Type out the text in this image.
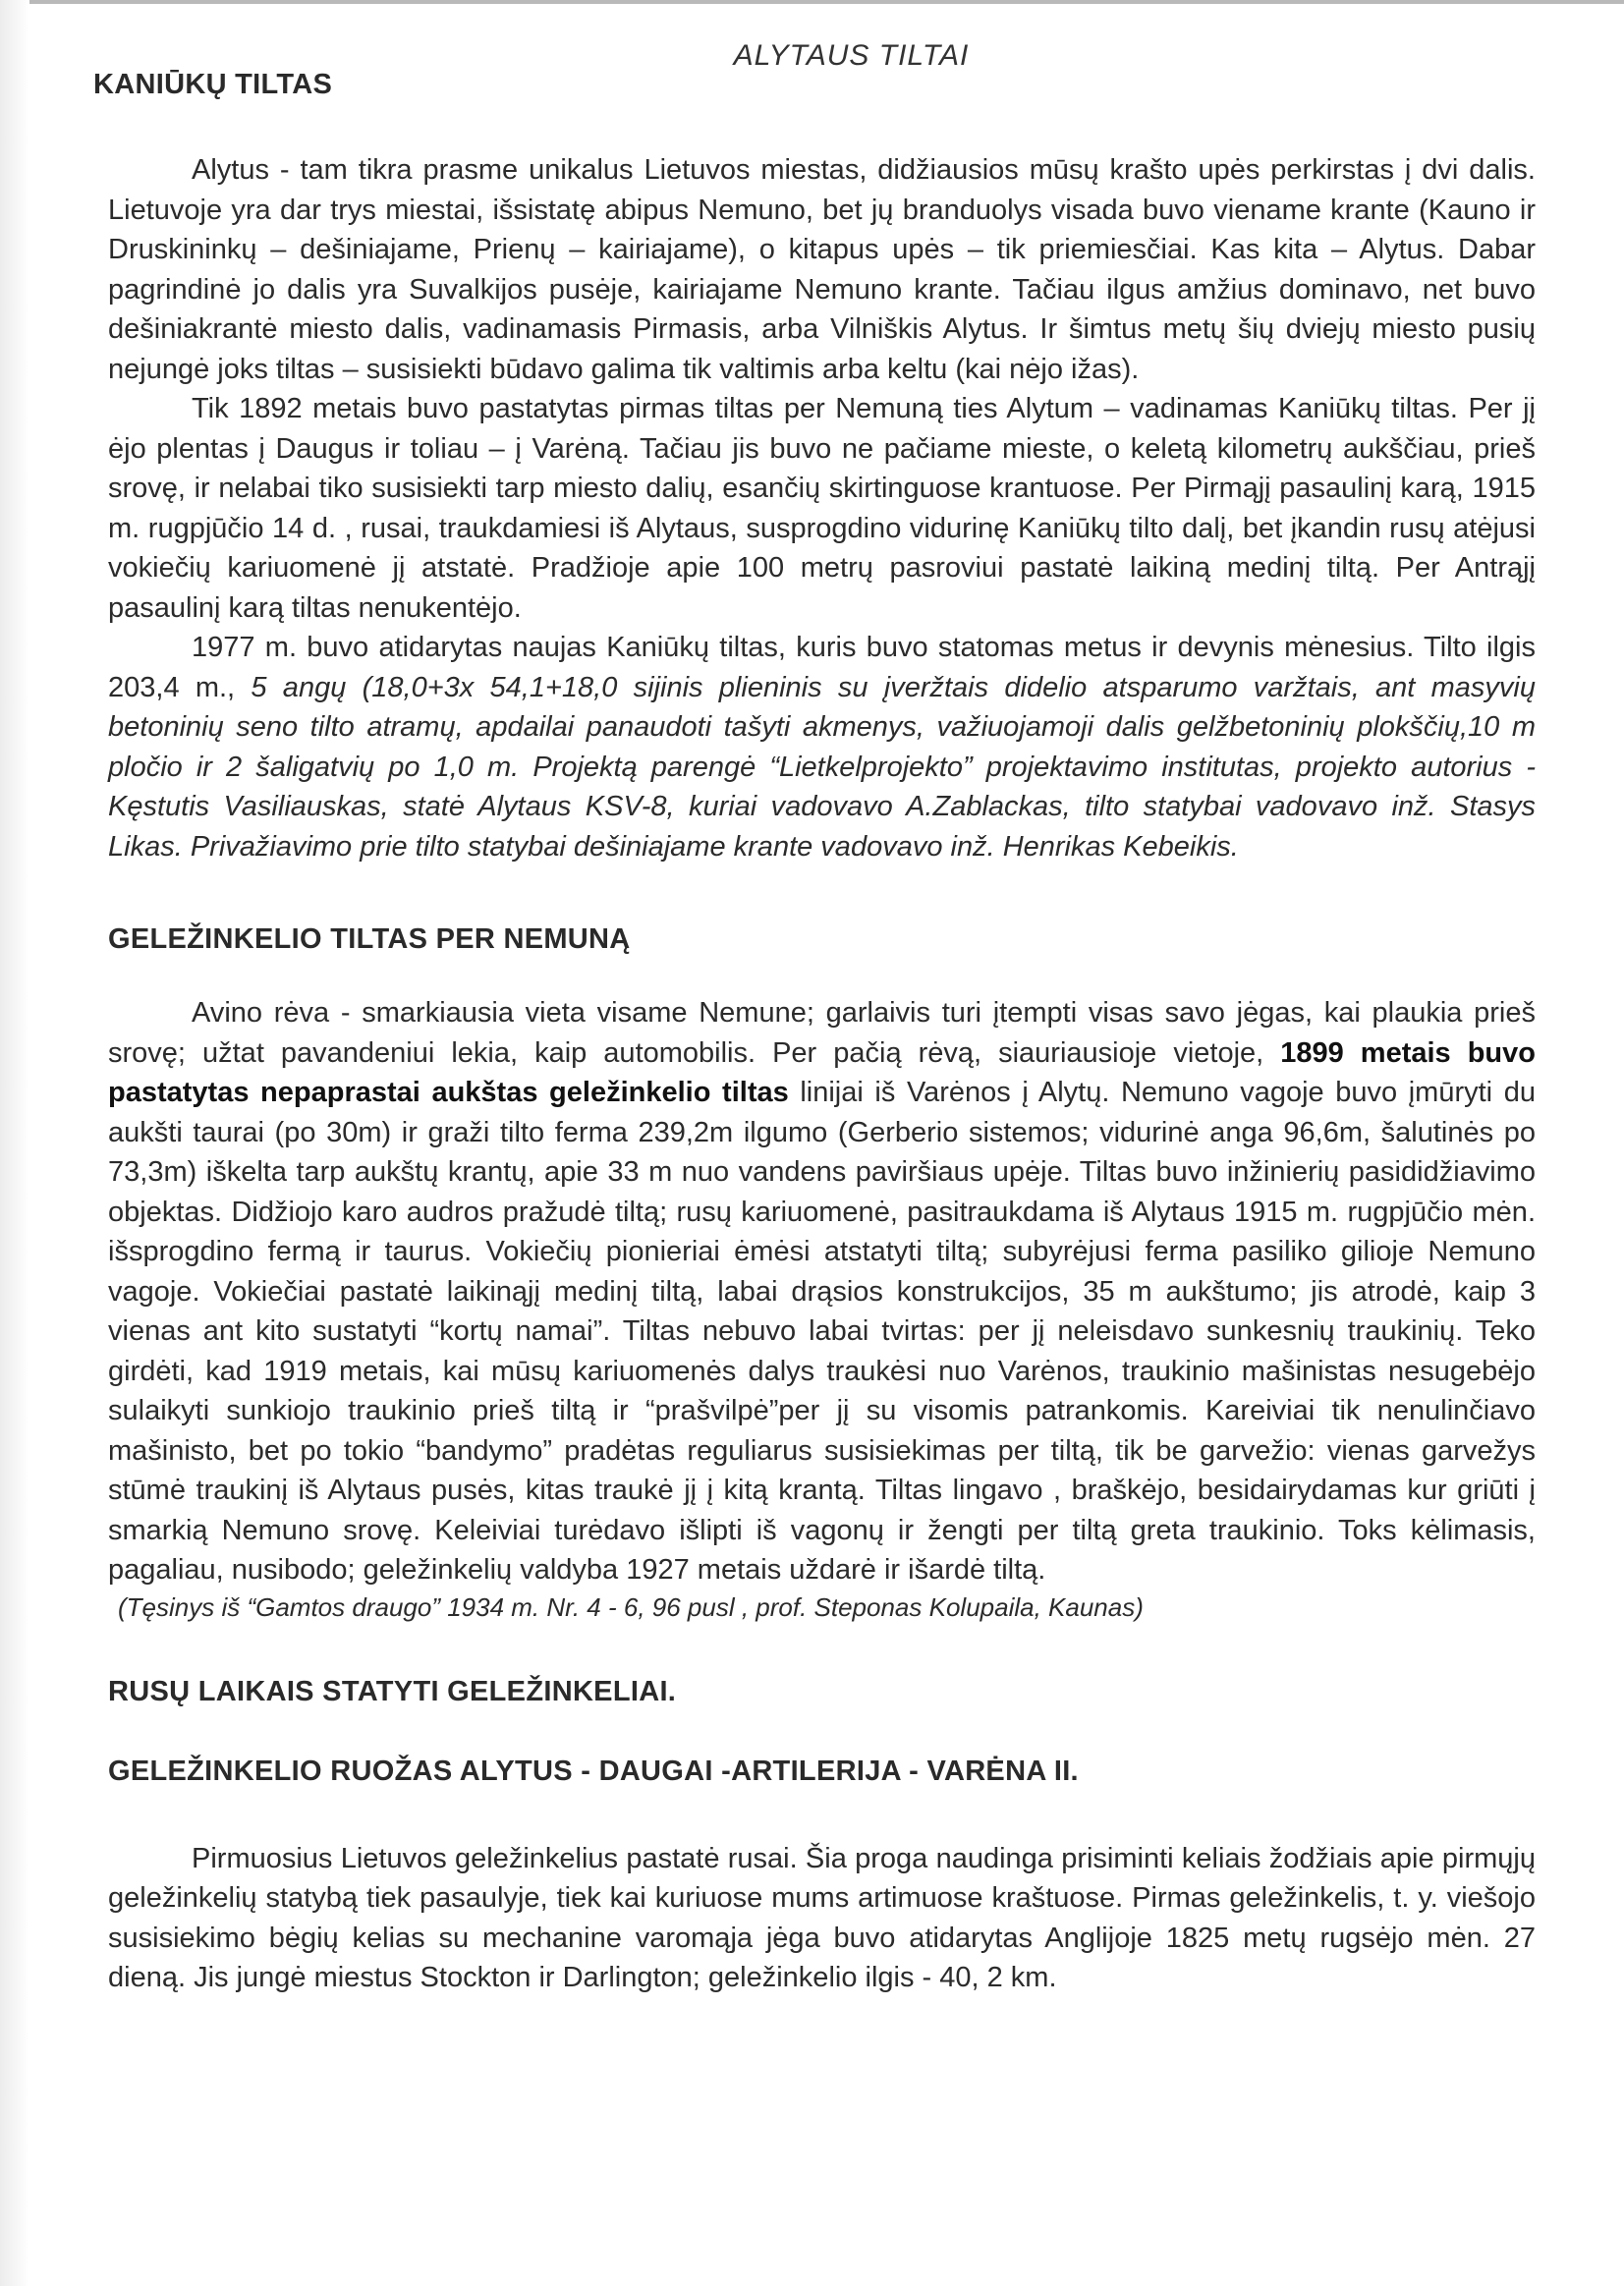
ALYTAUS TILTAI
KANIŪKŲ TILTAS

Alytus - tam tikra prasme unikalus Lietuvos miestas, didžiausios mūsų krašto upės perkirstas į dvi dalis. Lietuvoje yra dar trys miestai, išsistatę abipus Nemuno, bet jų branduolys visada buvo viename krante (Kauno ir Druskininkų – dešiniajame, Prienų – kairiajame), o kitapus upės – tik priemiesčiai. Kas kita – Alytus. Dabar pagrindinė jo dalis yra Suvalkijos pusėje, kairiajame Nemuno krante. Tačiau ilgus amžius dominavo, net buvo dešiniakrantė miesto dalis, vadinamasis Pirmasis, arba Vilniškis Alytus. Ir šimtus metų šių dviejų miesto pusių nejungė joks tiltas – susisiekti būdavo galima tik valtimis arba keltu (kai nėjo ižas).

Tik 1892 metais buvo pastatytas pirmas tiltas per Nemuną ties Alytum – vadinamas Kaniūkų tiltas. Per jį ėjo plentas į Daugus ir toliau – į Varėną. Tačiau jis buvo ne pačiame mieste, o keletą kilometrų aukščiau, prieš srovę, ir nelabai tiko susisiekti tarp miesto dalių, esančių skirtinguose krantuose. Per Pirmąjį pasaulinį karą, 1915 m. rugpjūčio 14 d. , rusai, traukdamiesi iš Alytaus, susprogdino vidurinę Kaniūkų tilto dalį, bet įkandin rusų atėjusi vokiečių kariuomenė jį atstatė. Pradžioje apie 100 metrų pasroviui pastatė laikiną medinį tiltą. Per Antrąjį pasaulinį karą tiltas nenukentėjo.

1977 m. buvo atidarytas naujas Kaniūkų tiltas, kuris buvo statomas metus ir devynis mėnesius. Tilto ilgis 203,4 m., 5 angų (18,0+3x 54,1+18,0 sijinis plieninis su įveržtais didelio atsparumo varžtais, ant masyvių betoninių seno tilto atramų, apdailai panaudoti tašyti akmenys, važiuojamoji dalis gelžbetoninių plokščių,10 m pločio ir 2 šaligatvių po 1,0 m. Projektą parengė “Lietkelprojekto” projektavimo institutas, projekto autorius - Kęstutis Vasiliauskas, statė Alytaus KSV-8, kuriai vadovavo A.Zablackas, tilto statybai vadovavo inž. Stasys Likas. Privažiavimo prie tilto statybai dešiniajame krante vadovavo inž. Henrikas Kebeikis.

GELEŽINKELIO TILTAS PER NEMUNĄ

Avino rėva - smarkiausia vieta visame Nemune; garlaivis turi įtempti visas savo jėgas, kai plaukia prieš srovę; užtat pavandeniui lekia, kaip automobilis. Per pačią rėvą, siauriausioje vietoje, 1899 metais buvo pastatytas nepaprastai aukštas geležinkelio tiltas linijai iš Varėnos į Alytų. Nemuno vagoje buvo įmūryti du aukšti taurai (po 30m) ir graži tilto ferma 239,2m ilgumo (Gerberio sistemos; vidurinė anga 96,6m, šalutinės po 73,3m) iškelta tarp aukštų krantų, apie 33 m nuo vandens paviršiaus upėje. Tiltas buvo inžinierių pasididžiavimo objektas. Didžiojo karo audros pražudė tiltą; rusų kariuomenė, pasitraukdama iš Alytaus 1915 m. rugpjūčio mėn. išsprogdino fermą ir taurus. Vokiečių pionieriai ėmėsi atstatyti tiltą; subyrėjusi ferma pasiliko gilioje Nemuno vagoje. Vokiečiai pastatė laikinąjį medinį tiltą, labai drąsios konstrukcijos, 35 m aukštumo; jis atrodė, kaip 3 vienas ant kito sustatyti “kortų namai”. Tiltas nebuvo labai tvirtas: per jį neleisdavo sunkesnių traukinių. Teko girdėti, kad 1919 metais, kai mūsų kariuomenės dalys traukėsi nuo Varėnos, traukinio mašinistas nesugebėjo sulaikyti sunkiojo traukinio prieš tiltą ir “prašvilpė”per jį su visomis patrankomis. Kareiviai tik nenulinčiavo mašinisto, bet po tokio “bandymo” pradėtas reguliarus susisiekimas per tiltą, tik be garvežio: vienas garvežys stūmė traukinį iš Alytaus pusės, kitas traukė jį į kitą krantą. Tiltas lingavo , braškėjo, besidairydamas kur griūti į smarkią Nemuno srovę. Keleiviai turėdavo išlipti iš vagonų ir žengti per tiltą greta traukinio. Toks kėlimasis, pagaliau, nusibodo; geležinkelių valdyba 1927 metais uždarė ir išardė tiltą.

(Tęsinys iš “Gamtos draugo” 1934 m. Nr. 4 - 6, 96 pusl , prof. Steponas Kolupaila, Kaunas)
RUSŲ LAIKAIS STATYTI GELEŽINKELIAI.
GELEŽINKELIO RUOŽAS ALYTUS - DAUGAI -ARTILERIJA - VARĖNA II.

Pirmuosius Lietuvos geležinkelius pastatė rusai. Šia proga naudinga prisiminti keliais žodžiais apie pirmųjų geležinkelių statybą tiek pasaulyje, tiek kai kuriuose mums artimuose kraštuose. Pirmas geležinkelis, t. y. viešojo susisiekimo bėgių kelias su mechanine varomąja jėga buvo atidarytas Anglijoje 1825 metų rugsėjo mėn. 27 dieną. Jis jungė miestus Stockton ir Darlington; geležinkelio ilgis - 40, 2 km.
